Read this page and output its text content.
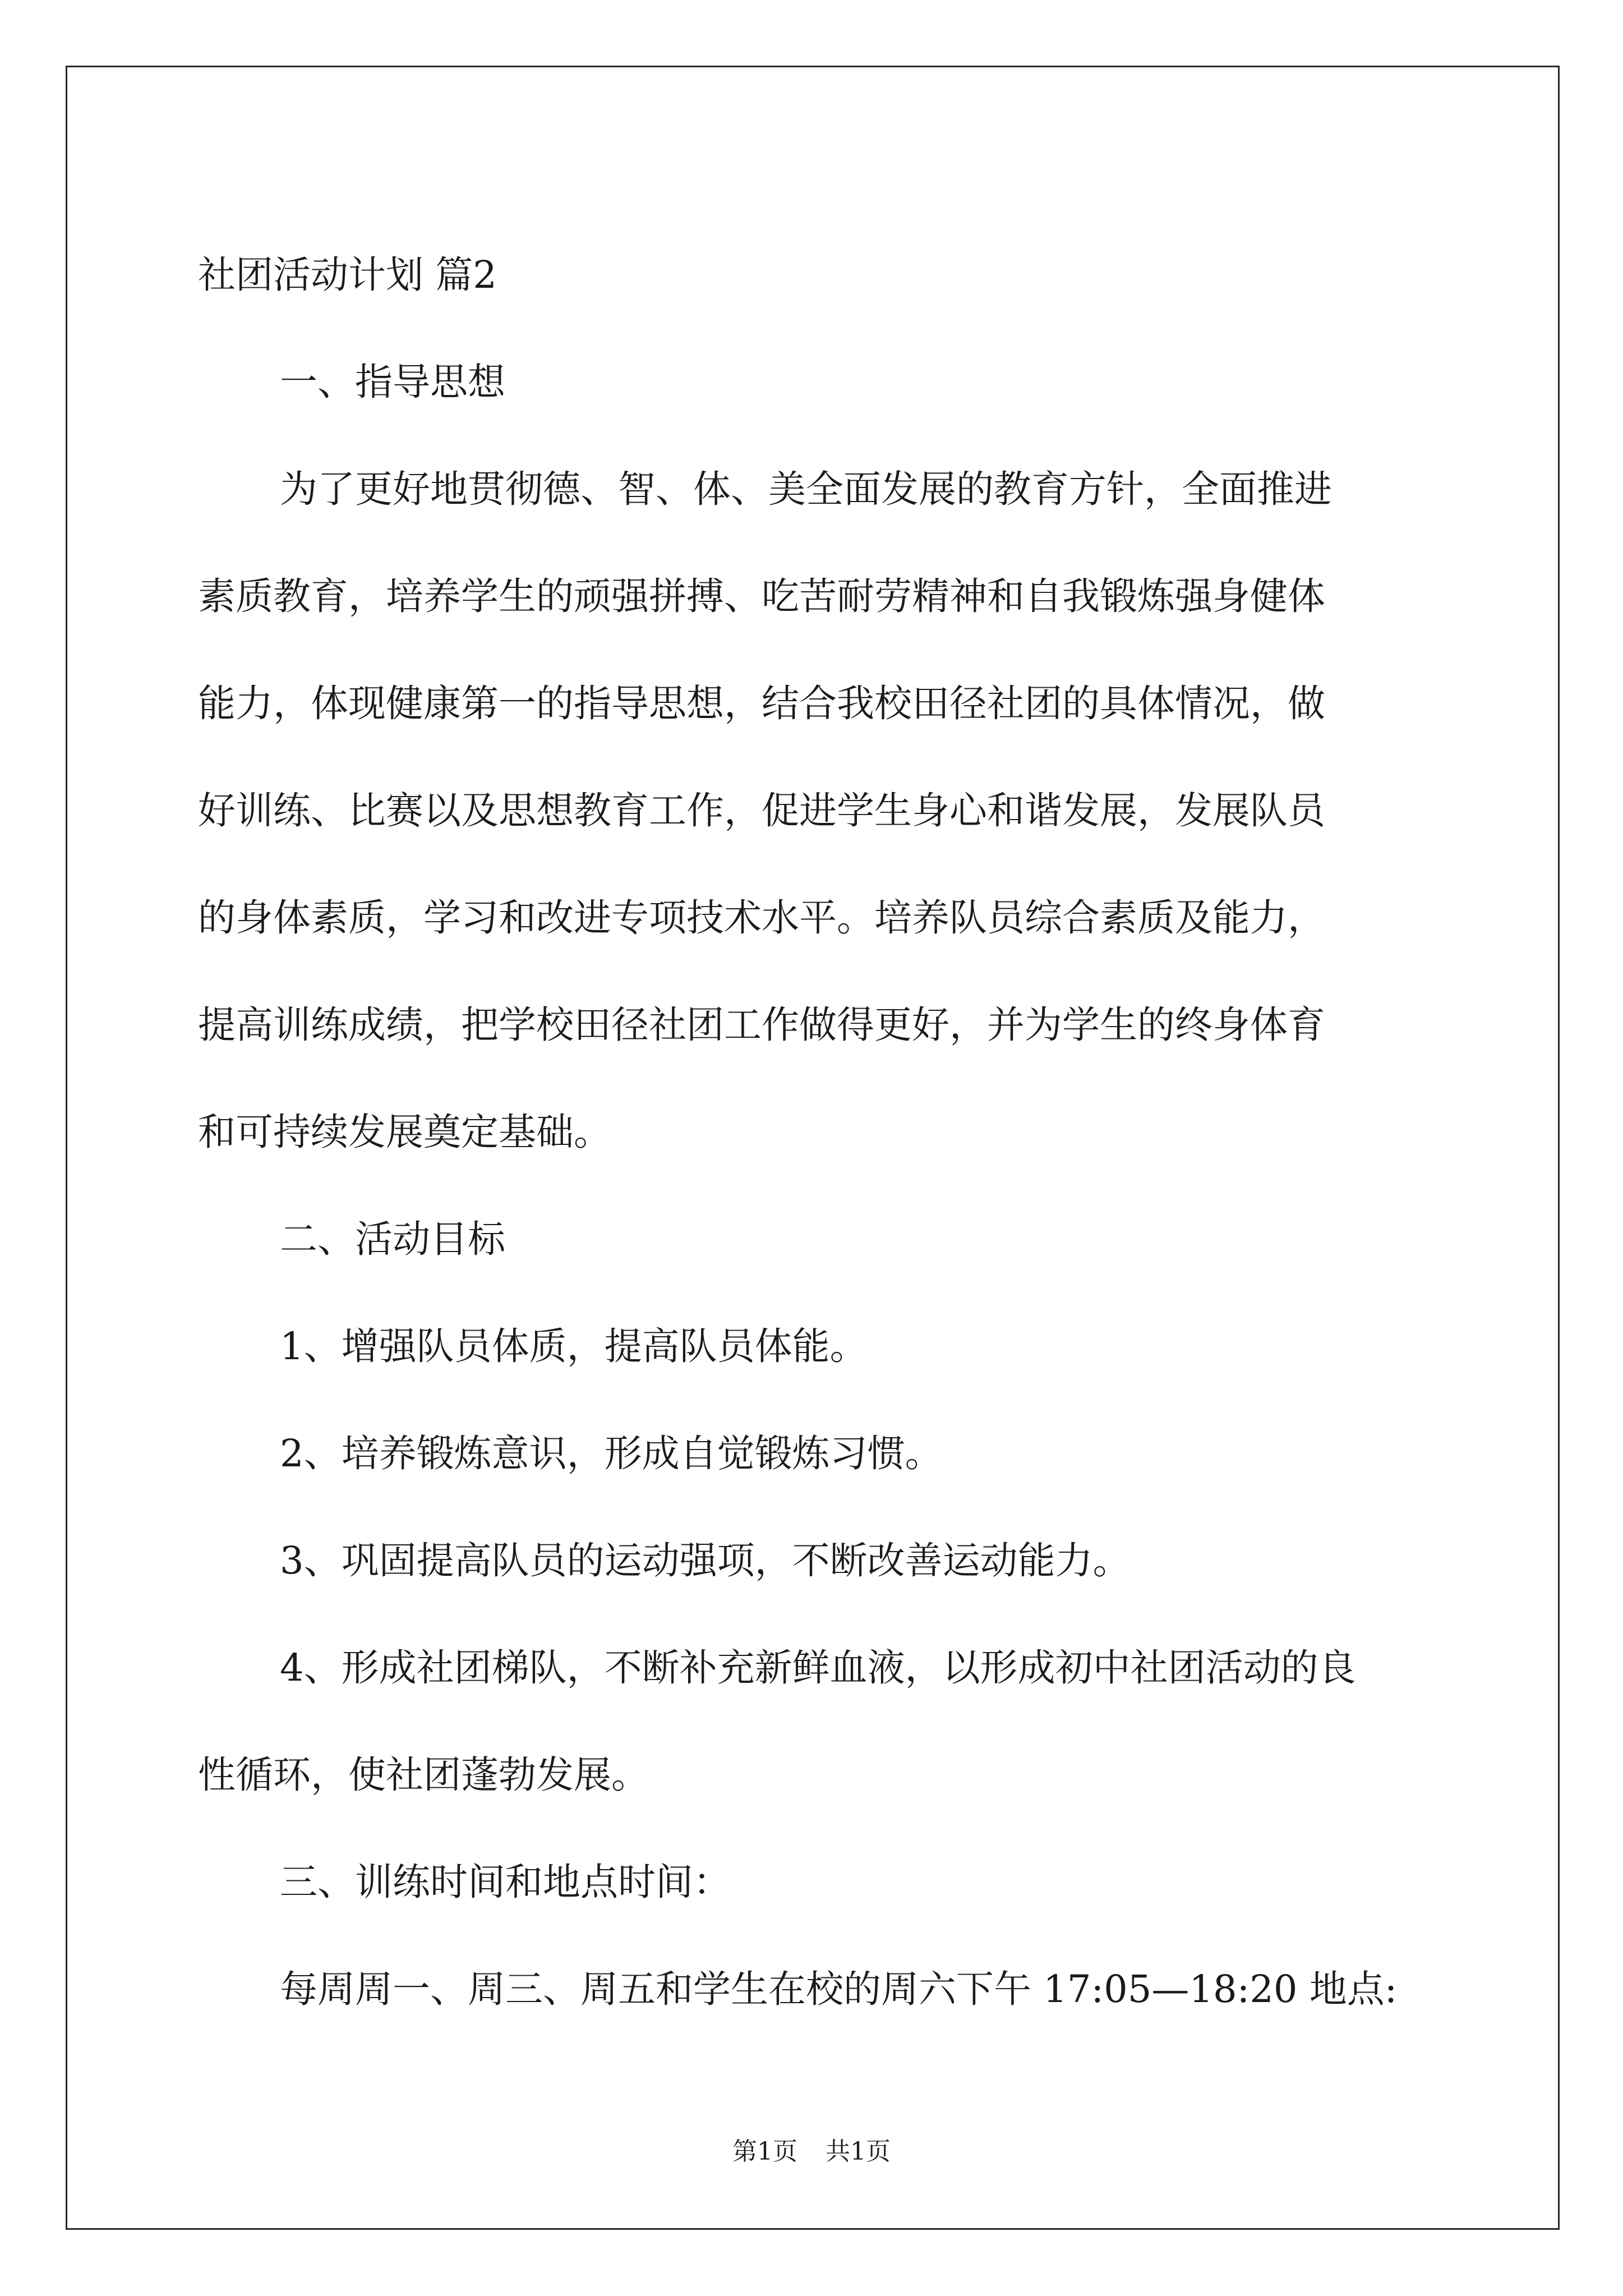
社团活动计划 篇2
一、指导思想
为了更好地贯彻德、智、体、美全面发展的教育方针，全面推进
素质教育，培养学生的顽强拼搏、吃苦耐劳精神和自我锻炼强身健体
能力，体现健康第一的指导思想，结合我校田径社团的具体情况，做
好训练、比赛以及思想教育工作，促进学生身心和谐发展，发展队员
的身体素质，学习和改进专项技术水平。培养队员综合素质及能力，
提高训练成绩，把学校田径社团工作做得更好，并为学生的终身体育
和可持续发展奠定基础。
二、活动目标
1、增强队员体质，提高队员体能。
2、培养锻炼意识，形成自觉锻炼习惯。
3、巩固提高队员的运动强项，不断改善运动能力。
4、形成社团梯队，不断补充新鲜血液，以形成初中社团活动的良
性循环，使社团蓬勃发展。
三、训练时间和地点时间：
每周周一、周三、周五和学生在校的周六下午 17:05—18:20 地点:
第1页 共1页
